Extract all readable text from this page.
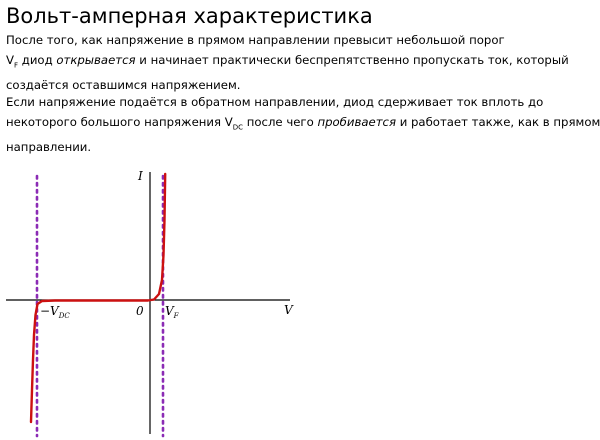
Вольт-амперная характеристика

После того, как напряжение в прямом направлении превысит небольшой порог
$V_F$ диод открывается и начинает практически беспрепятственно пропускать ток, который
создаётся оставшимся напряжением.

Если напряжение подаётся в обратном направлении, диод сдерживает ток вплоть до
некоторого большого напряжения $V_{DC}$ после чего пробивается и работает также, как в прямом
направлении.

I
V
0
$-V_{DC}$	$V_F$
